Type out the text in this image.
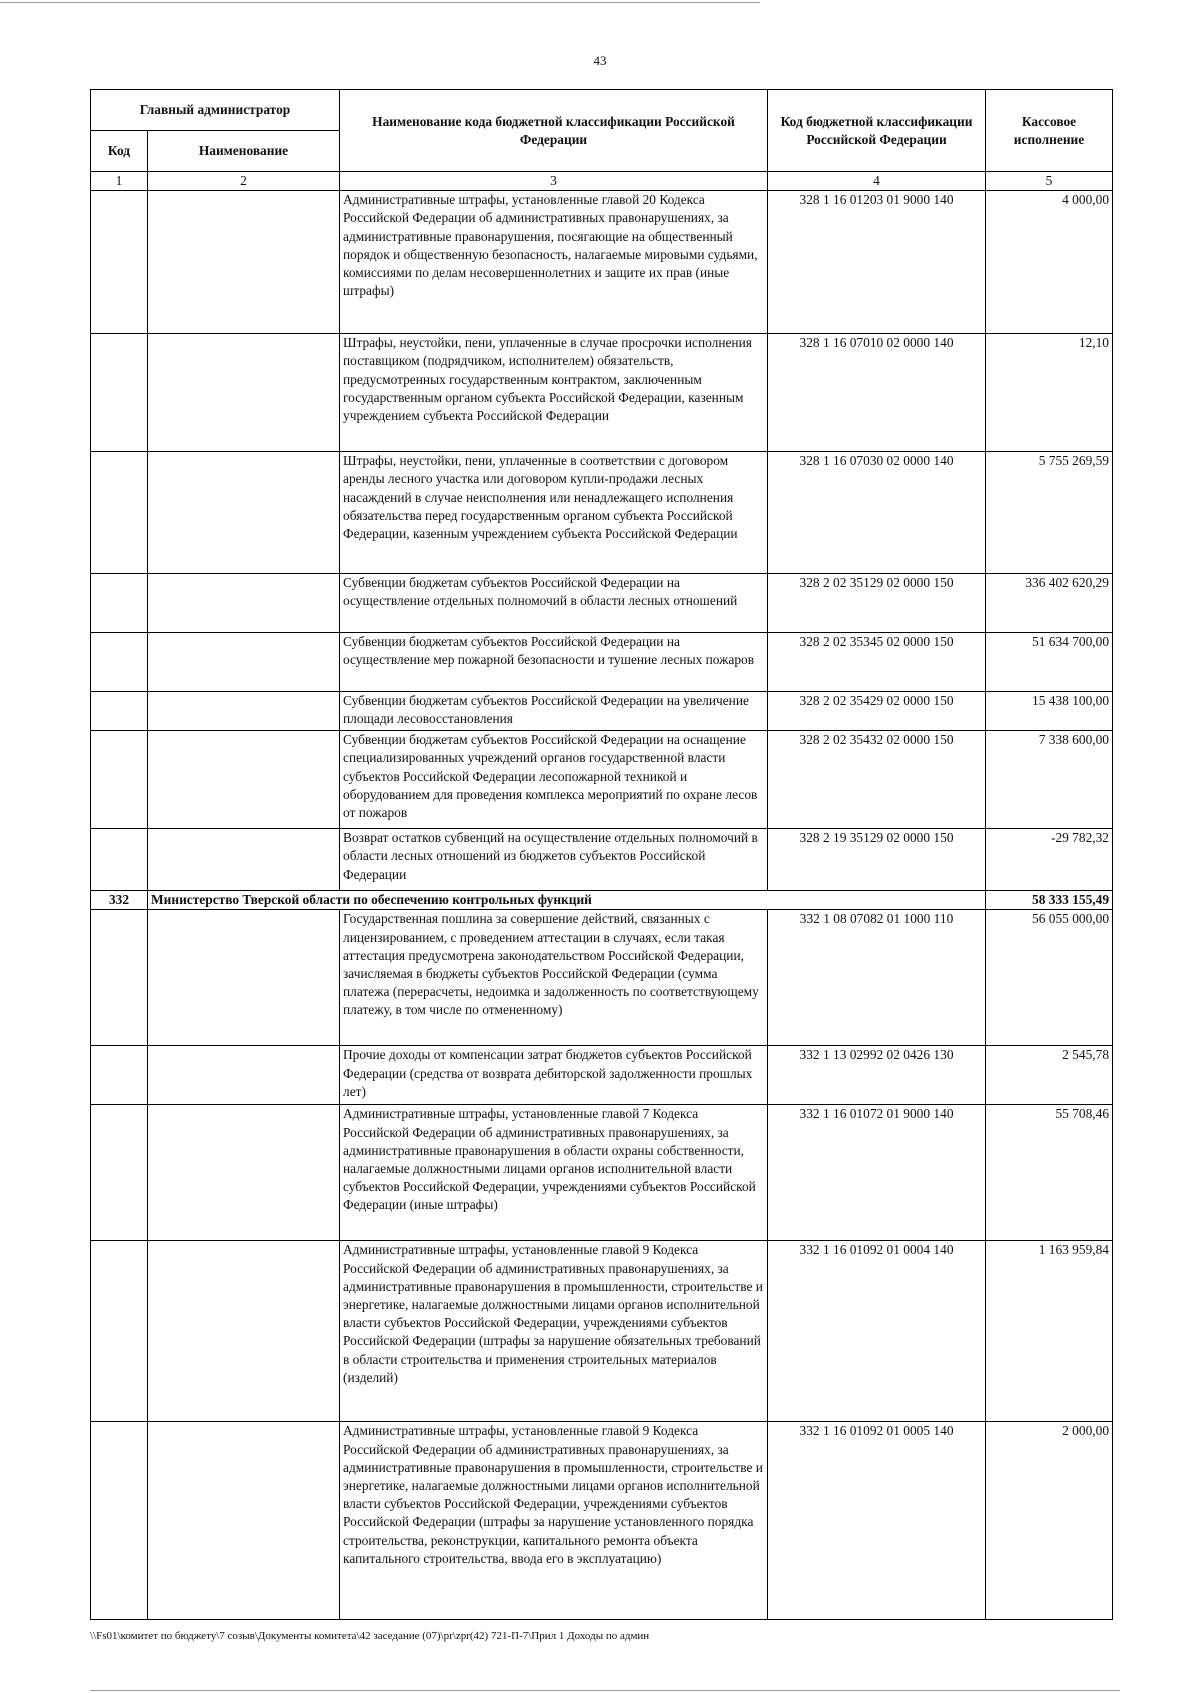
43
Главный администратор		Наименование кода бюджетной классификации Российской Федерации	Код бюджетной классификации Российской Федерации	Кассовое исполнение
Код	Наименование			
1	2	3	4	5
		Административные штрафы, установленные главой 20 Кодекса Российской Федерации об административных правонарушениях, за административные правонарушения, посягающие на общественный порядок и общественную безопасность, налагаемые мировыми судьями, комиссиями по делам несовершеннолетних и защите их прав (иные штрафы)	328 1 16 01203 01 9000 140	4 000,00
		Штрафы, неустойки, пени, уплаченные в случае просрочки исполнения поставщиком (подрядчиком, исполнителем) обязательств, предусмотренных государственным контрактом, заключенным государственным органом субъекта Российской Федерации, казенным учреждением субъекта Российской Федерации	328 1 16 07010 02 0000 140	12,10
		Штрафы, неустойки, пени, уплаченные в соответствии с договором аренды лесного участка или договором купли-продажи лесных насаждений в случае неисполнения или ненадлежащего исполнения обязательства перед государственным органом субъекта Российской Федерации, казенным учреждением субъекта Российской Федерации	328 1 16 07030 02 0000 140	5 755 269,59
		Субвенции бюджетам субъектов Российской Федерации на осуществление отдельных полномочий в области лесных отношений	328 2 02 35129 02 0000 150	336 402 620,29
		Субвенции бюджетам субъектов Российской Федерации на осуществление мер пожарной безопасности и тушение лесных пожаров	328 2 02 35345 02 0000 150	51 634 700,00
		Субвенции бюджетам субъектов Российской Федерации на увеличение площади лесовосстановления	328 2 02 35429 02 0000 150	15 438 100,00
		Субвенции бюджетам субъектов Российской Федерации на оснащение специализированных учреждений органов государственной власти субъектов Российской Федерации лесопожарной техникой и оборудованием для проведения комплекса мероприятий по охране лесов от пожаров	328 2 02 35432 02 0000 150	7 338 600,00
		Возврат остатков субвенций на осуществление отдельных полномочий в области лесных отношений из бюджетов субъектов Российской Федерации	328 2 19 35129 02 0000 150	-29 782,32
332	Министерство Тверской области по обеспечению контрольных функций			58 333 155,49
		Государственная пошлина за совершение действий, связанных с лицензированием, с проведением аттестации в случаях, если такая аттестация предусмотрена законодательством Российской Федерации, зачисляемая в бюджеты субъектов Российской Федерации (сумма платежа (перерасчеты, недоимка и задолженность по соответствующему платежу, в том числе по отмененному)	332 1 08 07082 01 1000 110	56 055 000,00
		Прочие доходы от компенсации затрат бюджетов субъектов Российской Федерации (средства от возврата дебиторской задолженности прошлых лет)	332 1 13 02992 02 0426 130	2 545,78
		Административные штрафы, установленные главой 7 Кодекса Российской Федерации об административных правонарушениях, за административные правонарушения в области охраны собственности, налагаемые должностными лицами органов исполнительной власти субъектов Российской Федерации, учреждениями субъектов Российской Федерации (иные штрафы)	332 1 16 01072 01 9000 140	55 708,46
		Административные штрафы, установленные главой 9 Кодекса Российской Федерации об административных правонарушениях, за административные правонарушения в промышленности, строительстве и энергетике, налагаемые должностными лицами органов исполнительной власти субъектов Российской Федерации, учреждениями субъектов Российской Федерации (штрафы за нарушение обязательных требований в области строительства и применения строительных материалов (изделий)	332 1 16 01092 01 0004 140	1 163 959,84
		Административные штрафы, установленные главой 9 Кодекса Российской Федерации об административных правонарушениях, за административные правонарушения в промышленности, строительстве и энергетике, налагаемые должностными лицами органов исполнительной власти субъектов Российской Федерации, учреждениями субъектов Российской Федерации (штрафы за нарушение установленного порядка строительства, реконструкции, капитального ремонта объекта капитального строительства, ввода его в эксплуатацию)	332 1 16 01092 01 0005 140	2 000,00
\\Fs01\комитет по бюджету\7 созыв\Документы комитета\42 заседание (07)\pr\zpr(42) 721-П-7\Прил 1 Доходы по админ
